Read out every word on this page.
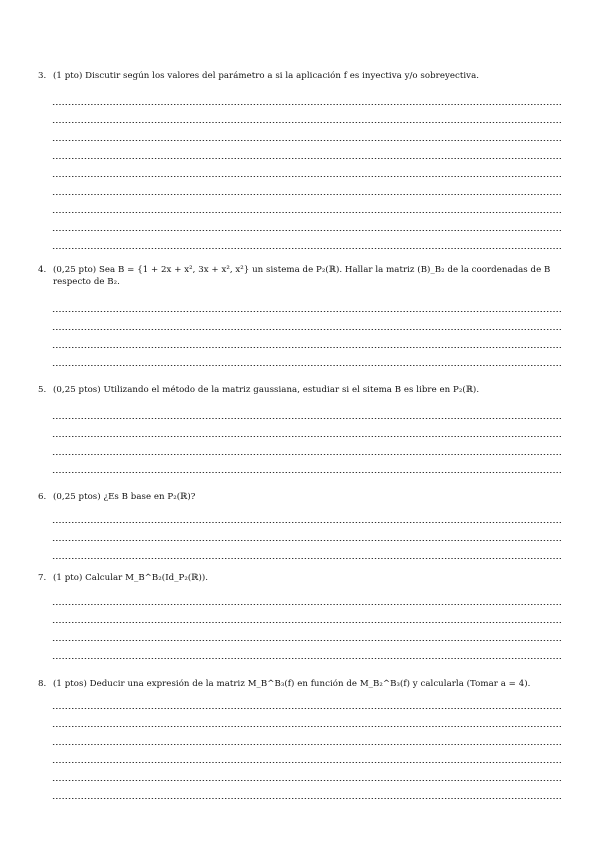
3. (1 pto) Discutir según los valores del parámetro a si la aplicación f es inyectiva y/o sobreyectiva.
4. (0,25 pto) Sea B = {1 + 2x + x², 3x + x², x²} un sistema de P₂(ℝ). Hallar la matriz (B)_B₂ de la coordenadas de B
respecto de B₂.
5. (0,25 ptos) Utilizando el método de la matriz gaussiana, estudiar si el sitema B es libre en P₂(ℝ).
6. (0,25 ptos) ¿Es B base en P₂(ℝ)?
7. (1 pto) Calcular M_B^B₂(Id_P₂(ℝ)).
8. (1 ptos) Deducir una expresión de la matriz M_B^B₃(f) en función de M_B₂^B₃(f) y calcularla (Tomar a = 4).
